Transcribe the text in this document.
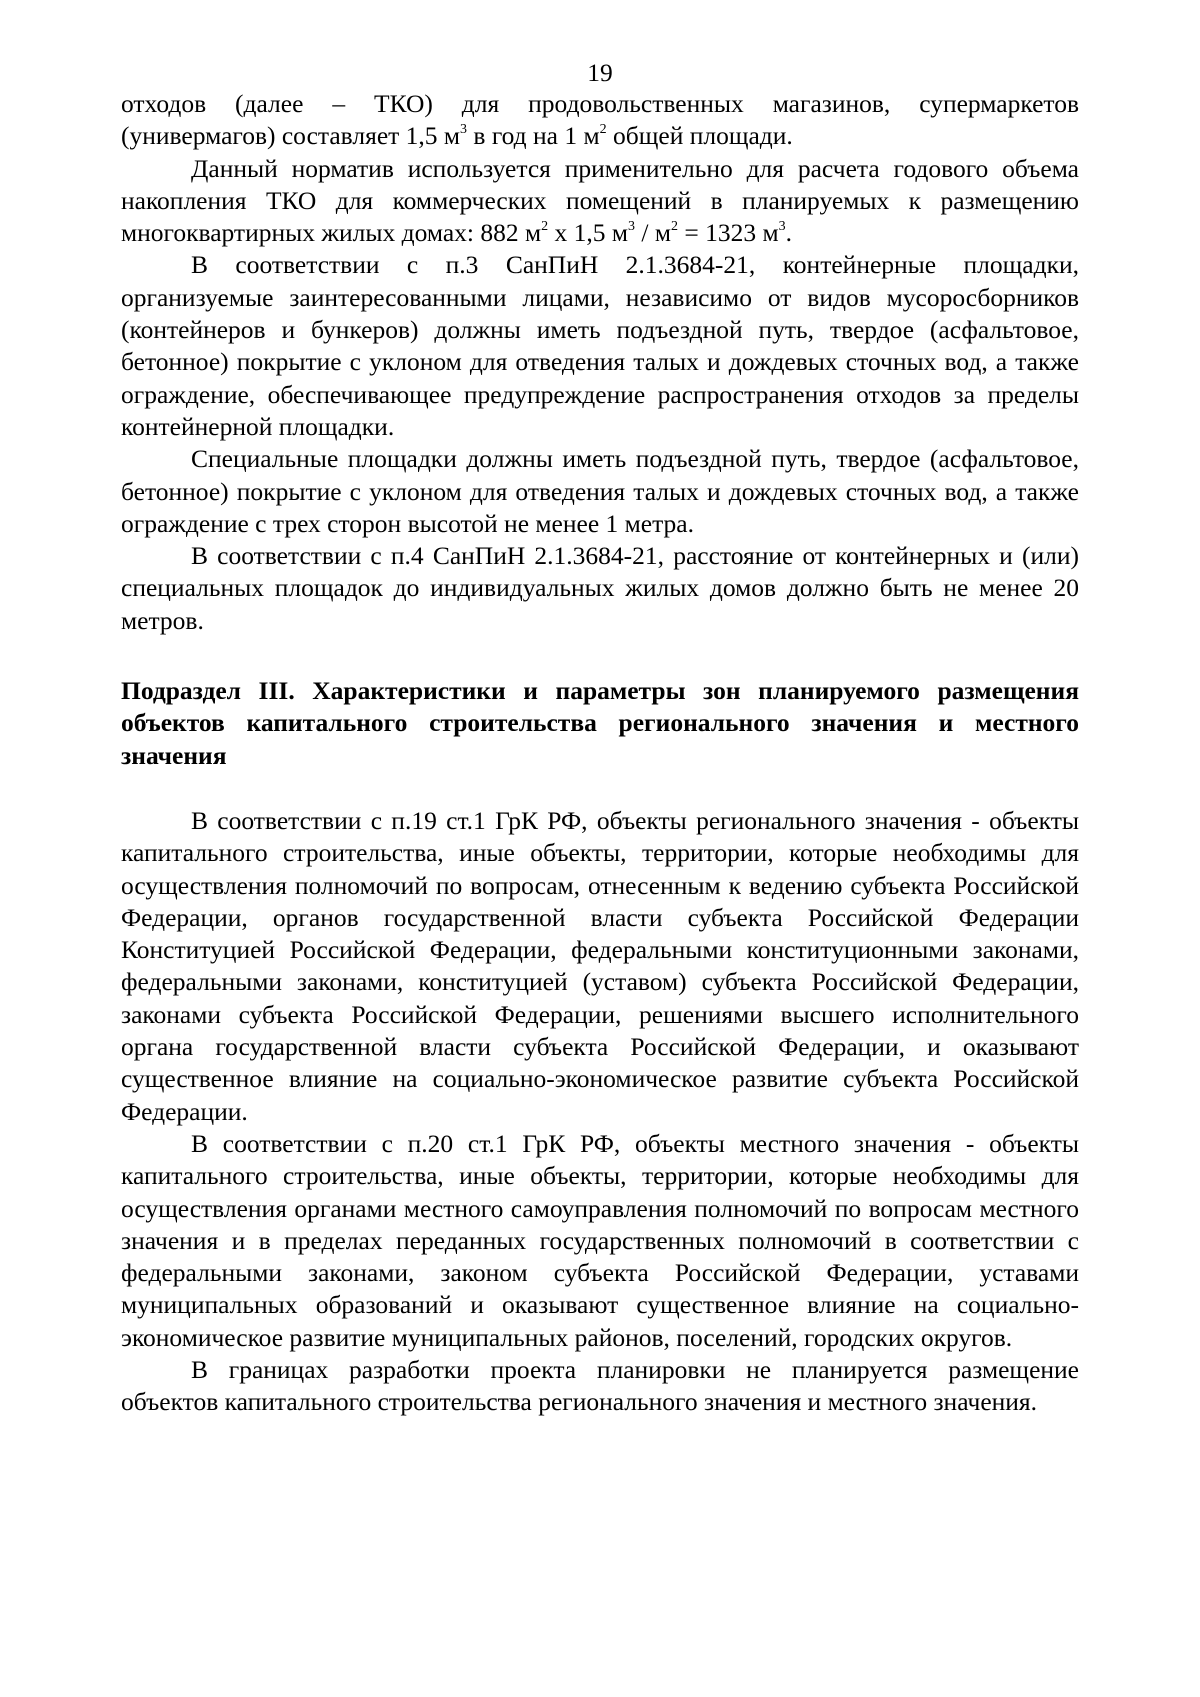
19

отходов (далее – ТКО) для продовольственных магазинов, супермаркетов (универмагов) составляет 1,5 $м^3$ в год на 1 $м^2$ общей площади.

Данный норматив используется применительно для расчета годового объема накопления ТКО для коммерческих помещений в планируемых к размещению многоквартирных жилых домах: 882 $м^2$ х 1,5 $м^3 / м^2 = 1323$ $м^3$.

В соответствии с п.3 СанПиН 2.1.3684-21, контейнерные площадки, организуемые заинтересованными лицами, независимо от видов мусоросборников (контейнеров и бункеров) должны иметь подъездной путь, твердое (асфальтовое, бетонное) покрытие с уклоном для отведения талых и дождевых сточных вод, а также ограждение, обеспечивающее предупреждение распространения отходов за пределы контейнерной площадки.

Специальные площадки должны иметь подъездной путь, твердое (асфальтовое, бетонное) покрытие с уклоном для отведения талых и дождевых сточных вод, а также ограждение с трех сторон высотой не менее 1 метра.

В соответствии с п.4 СанПиН 2.1.3684-21, расстояние от контейнерных и (или) специальных площадок до индивидуальных жилых домов должно быть не менее 20 метров.

Подраздел III. Характеристики и параметры зон планируемого размещения объектов капитального строительства регионального значения и местного значения

В соответствии с п.19 ст.1 ГрК РФ, объекты регионального значения - объекты капитального строительства, иные объекты, территории, которые необходимы для осуществления полномочий по вопросам, отнесенным к ведению субъекта Российской Федерации, органов государственной власти субъекта Российской Федерации Конституцией Российской Федерации, федеральными конституционными законами, федеральными законами, конституцией (уставом) субъекта Российской Федерации, законами субъекта Российской Федерации, решениями высшего исполнительного органа государственной власти субъекта Российской Федерации, и оказывают существенное влияние на социально-экономическое развитие субъекта Российской Федерации.

В соответствии с п.20 ст.1 ГрК РФ, объекты местного значения - объекты капитального строительства, иные объекты, территории, которые необходимы для осуществления органами местного самоуправления полномочий по вопросам местного значения и в пределах переданных государственных полномочий в соответствии с федеральными законами, законом субъекта Российской Федерации, уставами муниципальных образований и оказывают существенное влияние на социально-экономическое развитие муниципальных районов, поселений, городских округов.

В границах разработки проекта планировки не планируется размещение объектов капитального строительства регионального значения и местного значения.
